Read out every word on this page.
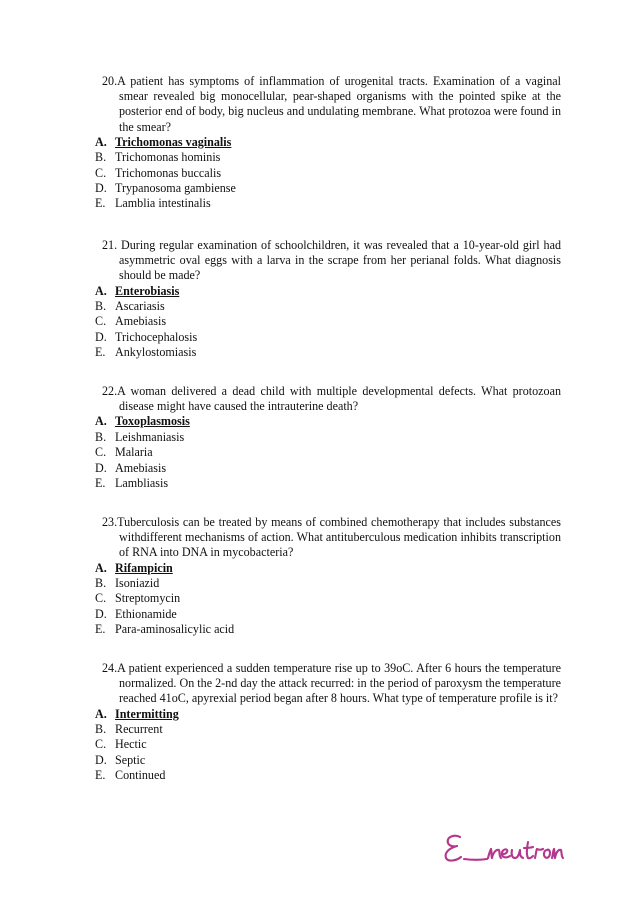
20.A patient has symptoms of inflammation of urogenital tracts. Examination of a vaginal smear revealed big monocellular, pear-shaped organisms with the pointed spike at the posterior end of body, big nucleus and undulating membrane. What protozoa were found in the smear?

A. Trichomonas vaginalis
B. Trichomonas hominis
C. Trichomonas buccalis
D. Trypanosoma gambiense
E. Lamblia intestinalis

21. During regular examination of schoolchildren, it was revealed that a 10-year-old girl had asymmetric oval eggs with a larva in the scrape from her perianal folds. What diagnosis should be made?

A. Enterobiasis
B. Ascariasis
C. Amebiasis
D. Trichocephalosis
E. Ankylostomiasis

22.A woman delivered a dead child with multiple developmental defects. What protozoan disease might have caused the intrauterine death?

A. Toxoplasmosis
B. Leishmaniasis
C. Malaria
D. Amebiasis
E. Lambliasis

23.Tuberculosis can be treated by means of combined chemotherapy that includes substances withdifferent mechanisms of action. What antituberculous medication inhibits transcription of RNA into DNA in mycobacteria?

A. Rifampicin
B. Isoniazid
C. Streptomycin
D. Ethionamide
E. Para-aminosalicylic acid

24.A patient experienced a sudden temperature rise up to 39oC. After 6 hours the temperature normalized. On the 2-nd day the attack recurred: in the period of paroxysm the temperature reached 41oC, apyrexial period began after 8 hours. What type of temperature profile is it?

A. Intermitting
B. Recurrent
C. Hectic
D. Septic
E. Continued
